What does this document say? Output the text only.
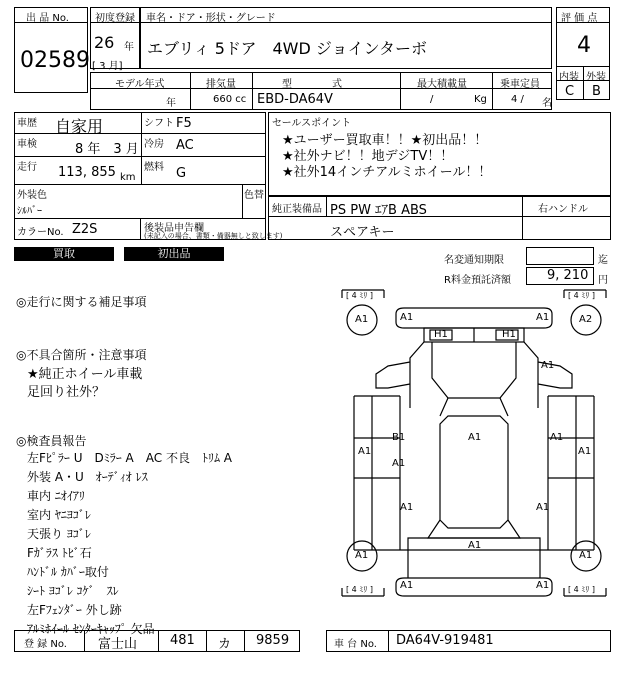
出 品 No.
02589
初度登録
26 年
[ 3 月]
車名・ドア・形状・グレード
エブリィ 5ドア　4WD ジョインターボ
評 価 点
4
内装 外装
C B
モデル年式
年
排気量
660 cc
型　　　　式
EBD-DA64V
最大積載量
/	Kg
乗車定員
4 / 名
車歴 自家用	シフト F5
車検	8 年　3 月 冷房 AC
走行 113, 855 km
燃料 G
外装色
ｼﾙﾊﾞｰ
色替
カラーNo. Z2S	後装品申告欄
(未記入の場合、書類・備器無しと致します)
セールスポイント
★ユーザー買取車！！★初出品！！
★社外ナビ！！地デジTV！！
★社外14インチアルミホイール！！
純正装備品 PS PW ｴｱB ABS
スペアキー
右ハンドル
買取	初出品
名変通知期限	迄
R料金預託済額	9, 210 円
◎走行に関する補足事項
◎不具合箇所・注意事項
★純正ホイール車載
足回り社外？
◎検査員報告
左Fﾋﾟﾗｰ U　Dﾐﾗｰ A　AC 不良　ﾄﾘﾑ A
外装 A・U　ｵｰﾃﾞｨｵ ﾚｽ
車内 ﾆｵｲｱﾘ
室内 ﾔﾆﾖｺﾞﾚ
天張り ﾖｺﾞﾚ
Fｶﾞﾗｽ ﾄﾋﾞ石
ﾊﾝﾄﾞﾙ ｶﾊﾞｰ取付
ｼｰﾄ ﾖｺﾞﾚ ｺｹﾞ　ｽﾚ
左Fﾌｪﾝﾀﾞｰ 外し跡
ｱﾙﾐﾎｲｰﾙ ｾﾝﾀｰｷｬｯﾌﾟ 欠品
[ 4 ﾐﾘ ]	[ 4 ﾐﾘ ]
[ 4 ﾐﾘ ]	[ 4 ﾐﾘ ]
A1	A2
A1	A1
A1	A1
H1	H1
A1
B1	A1	A1
A1
A1
A1
A1	A1
A1
A1	A1
登 録 No. 富士山	481 カ 9859	車 台 No. DA64V-919481
